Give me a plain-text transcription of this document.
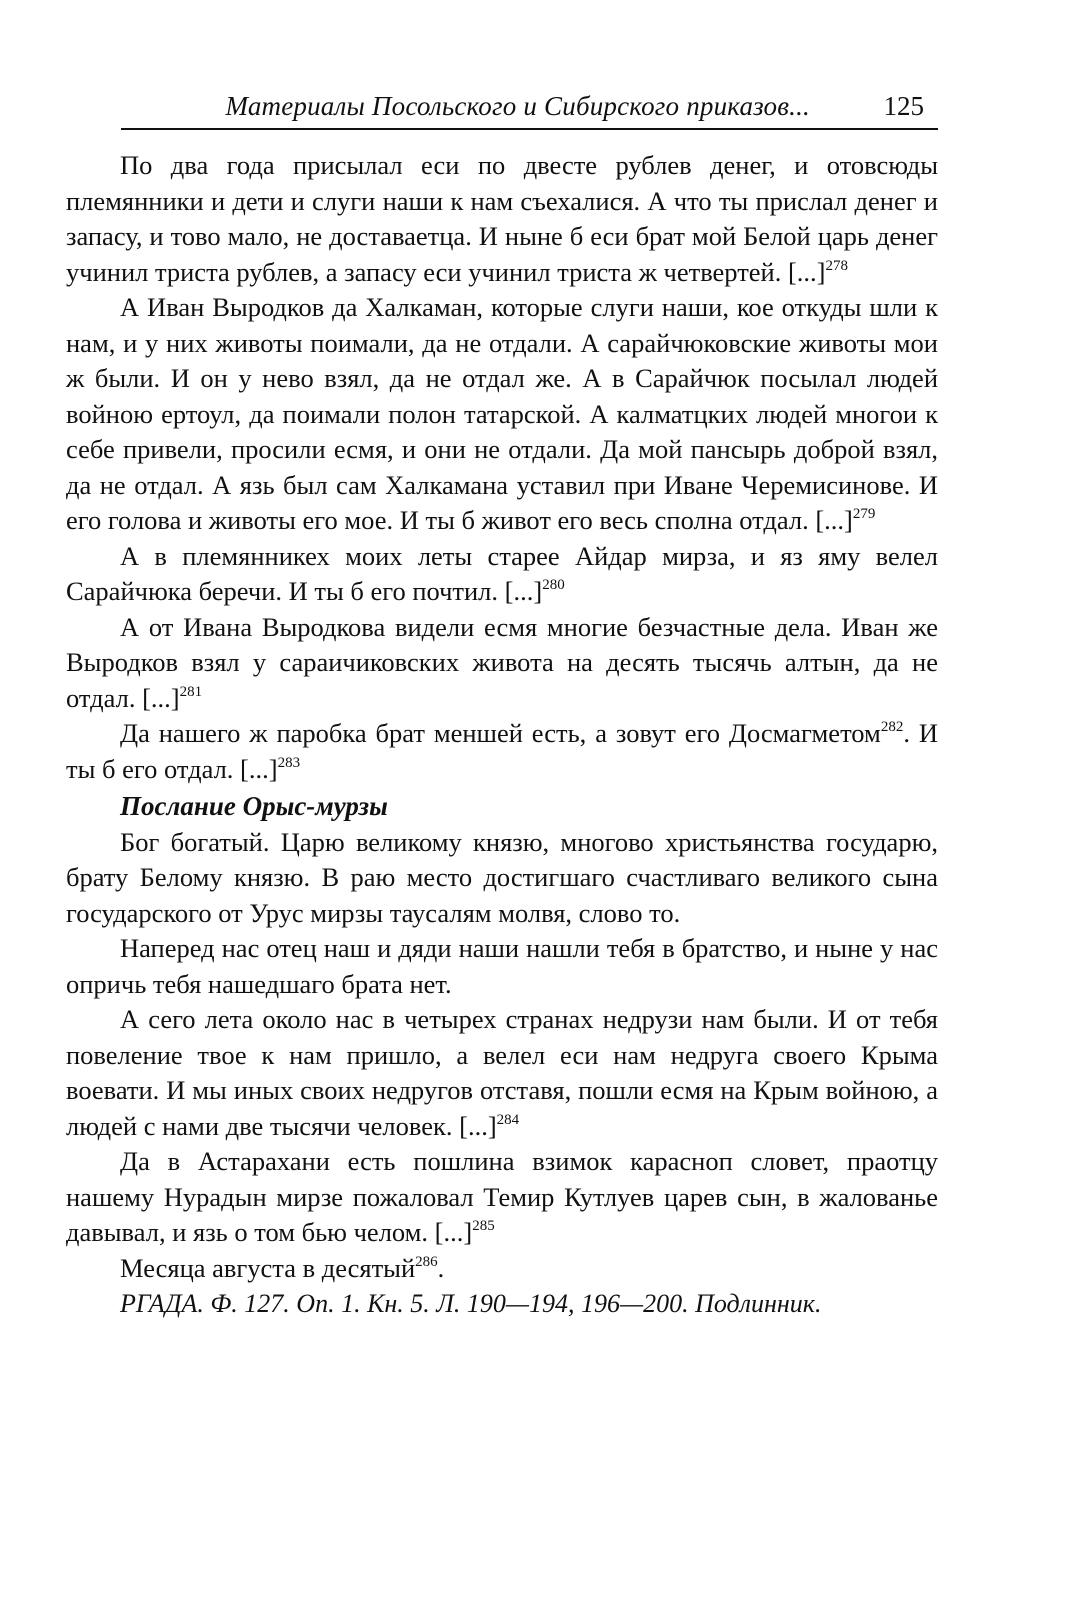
Материалы Посольского и Сибирского приказов...	125

По два года присылал еси по двесте рублев денег, и отовсюды племянники и дети и слуги наши к нам съехалися. А что ты прислал денег и запасу, и тово мало, не доставаетца. И ныне б еси брат мой Белой царь денег учинил триста рублев, а запасу еси учинил триста ж четвертей. [...]$^{278}$

А Иван Выродков да Халкаман, которые слуги наши, кое откуды шли к нам, и у них животы поимали, да не отдали. А сарайчюковские животы мои ж были. И он у нево взял, да не отдал же. А в Сарайчюк посылал людей войною ертоул, да поимали полон татарской. А калматцких людей многои к себе привели, просили есмя, и они не отдали. Да мой пансырь доброй взял, да не отдал. А язь был сам Халкамана уставил при Иване Черемисинове. И его голова и животы его мое. И ты б живот его весь сполна отдал. [...]$^{279}$

А в племянникех моих леты старее Айдар мирза, и яз яму велел Сарайчюка беречи. И ты б его почтил. [...]$^{280}$

А от Ивана Выродкова видели есмя многие безчастные дела. Иван же Выродков взял у сараичиковских живота на десять тысячь алтын, да не отдал. [...]$^{281}$

Да нашего ж паробка брат меншей есть, а зовут его Досмагметом$^{282}$. И ты б его отдал. [...]$^{283}$

Послание Орыс-мурзы

Бог богатый. Царю великому князю, многово христьянства государю, брату Белому князю. В раю место достигшаго счастливаго великого сына государского от Урус мирзы таусалям молвя, слово то.

Наперед нас отец наш и дяди наши нашли тебя в братство, и ныне у нас опричь тебя нашедшаго брата нет.

А сего лета около нас в четырех странах недрузи нам были. И от тебя повеление твое к нам пришло, а велел еси нам недруга своего Крыма воевати. И мы иных своих недругов отставя, пошли есмя на Крым войною, а людей с нами две тысячи человек. [...]$^{284}$

Да в Астарахани есть пошлина взимок карасноп словет, праотцу нашему Нурадын мирзе пожаловал Темир Кутлуев царев сын, в жалованье давывал, и язь о том бью челом. [...]$^{285}$

Месяца августа в десятый$^{286}$.

РГАДА. Ф. 127. Оп. 1. Кн. 5. Л. 190—194, 196—200. Подлинник.
